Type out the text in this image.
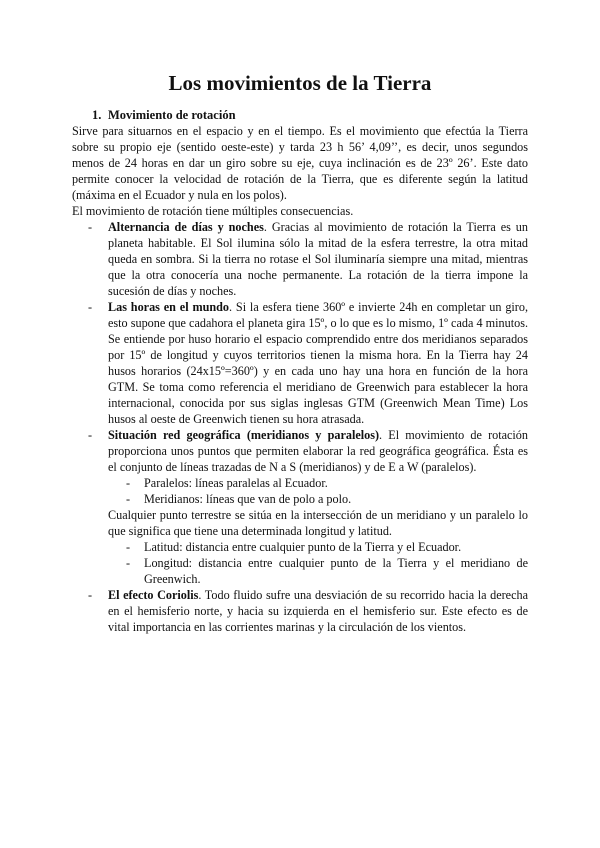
Los movimientos de la Tierra
1. Movimiento de rotación

Sirve para situarnos en el espacio y en el tiempo. Es el movimiento que efectúa la Tierra sobre su propio eje (sentido oeste-este) y tarda 23 h 56’ 4,09’’, es decir, unos segundos menos de 24 horas en dar un giro sobre su eje, cuya inclinación es de 23º 26’. Este dato permite conocer la velocidad de rotación de la Tierra, que es diferente según la latitud (máxima en el Ecuador y nula en los polos).

El movimiento de rotación tiene múltiples consecuencias.

- Alternancia de días y noches. Gracias al movimiento de rotación la Tierra es un planeta habitable. El Sol ilumina sólo la mitad de la esfera terrestre, la otra mitad queda en sombra. Si la tierra no rotase el Sol iluminaría siempre una mitad, mientras que la otra conocería una noche permanente. La rotación de la tierra impone la sucesión de días y noches.
- Las horas en el mundo. Si la esfera tiene 360º e invierte 24h en completar un giro, esto supone que cadahora el planeta gira 15º, o lo que es lo mismo, 1º cada 4 minutos. Se entiende por huso horario el espacio comprendido entre dos meridianos separados por 15º de longitud y cuyos territorios tienen la misma hora. En la Tierra hay 24 husos horarios (24x15º=360º) y en cada uno hay una hora en función de la hora GTM. Se toma como referencia el meridiano de Greenwich para establecer la hora internacional, conocida por sus siglas inglesas GTM (Greenwich Mean Time) Los husos al oeste de Greenwich tienen su hora atrasada.
- Situación red geográfica (meridianos y paralelos). El movimiento de rotación proporciona unos puntos que permiten elaborar la red geográfica geográfica. Ésta es el conjunto de líneas trazadas de N a S (meridianos) y de E a W (paralelos).
- Paralelos: líneas paralelas al Ecuador.
- Meridianos: líneas que van de polo a polo.
Cualquier punto terrestre se sitúa en la intersección de un meridiano y un paralelo lo que significa que tiene una determinada longitud y latitud.
- Latitud: distancia entre cualquier punto de la Tierra y el Ecuador.
- Longitud: distancia entre cualquier punto de la Tierra y el meridiano de Greenwich.
- El efecto Coriolis. Todo fluido sufre una desviación de su recorrido hacia la derecha en el hemisferio norte, y hacia su izquierda en el hemisferio sur. Este efecto es de vital importancia en las corrientes marinas y la circulación de los vientos.
